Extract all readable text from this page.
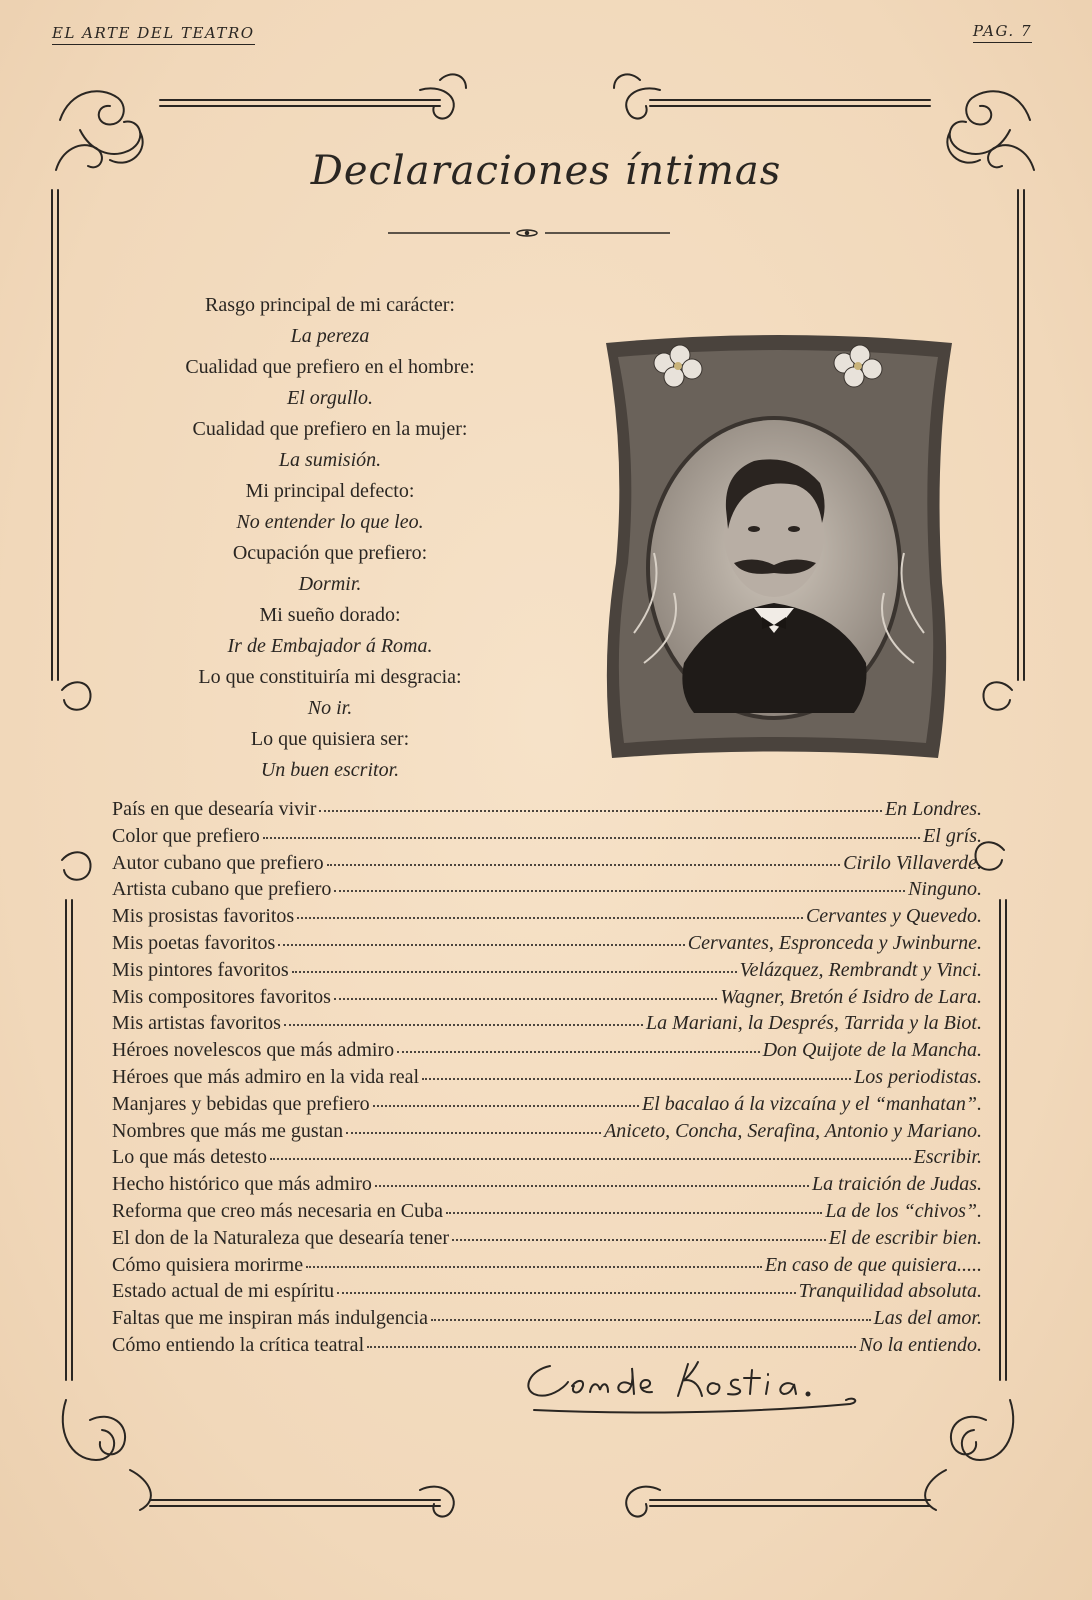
EL ARTE DEL TEATRO	PAG. 7
Declaraciones íntimas
Rasgo principal de mi carácter:
La pereza
Cualidad que prefiero en el hombre:
El orgullo.
Cualidad que prefiero en la mujer:
La sumisión.
Mi principal defecto:
No entender lo que leo.
Ocupación que prefiero:
Dormir.
Mi sueño dorado:
Ir de Embajador á Roma.
Lo que constituiría mi desgracia:
No ir.
Lo que quisiera ser:
Un buen escritor.
País en que desearía vivir	En Londres.
Color que prefiero	El grís.
Autor cubano que prefiero	Cirilo Villaverde.
Artista cubano que prefiero	Ninguno.
Mis prosistas favoritos	Cervantes y Quevedo.
Mis poetas favoritos	Cervantes, Espronceda y Jwinburne.
Mis pintores favoritos	Velázquez, Rembrandt y Vinci.
Mis compositores favoritos	Wagner, Bretón é Isidro de Lara.
Mis artistas favoritos	La Mariani, la Després, Tarrida y la Biot.
Héroes novelescos que más admiro	Don Quijote de la Mancha.
Héroes que más admiro en la vida real	Los periodistas.
Manjares y bebidas que prefiero	El bacalao á la vizcaína y el “manhatan”.
Nombres que más me gustan	Aniceto, Concha, Serafina, Antonio y Mariano.
Lo que más detesto	Escribir.
Hecho histórico que más admiro	La traición de Judas.
Reforma que creo más necesaria en Cuba	La de los “chivos”.
El don de la Naturaleza que desearía tener	El de escribir bien.
Cómo quisiera morirme	En caso de que quisiera.....
Estado actual de mi espíritu	Tranquilidad absoluta.
Faltas que me inspiran más indulgencia	Las del amor.
Cómo entiendo la crítica teatral	No la entiendo.
